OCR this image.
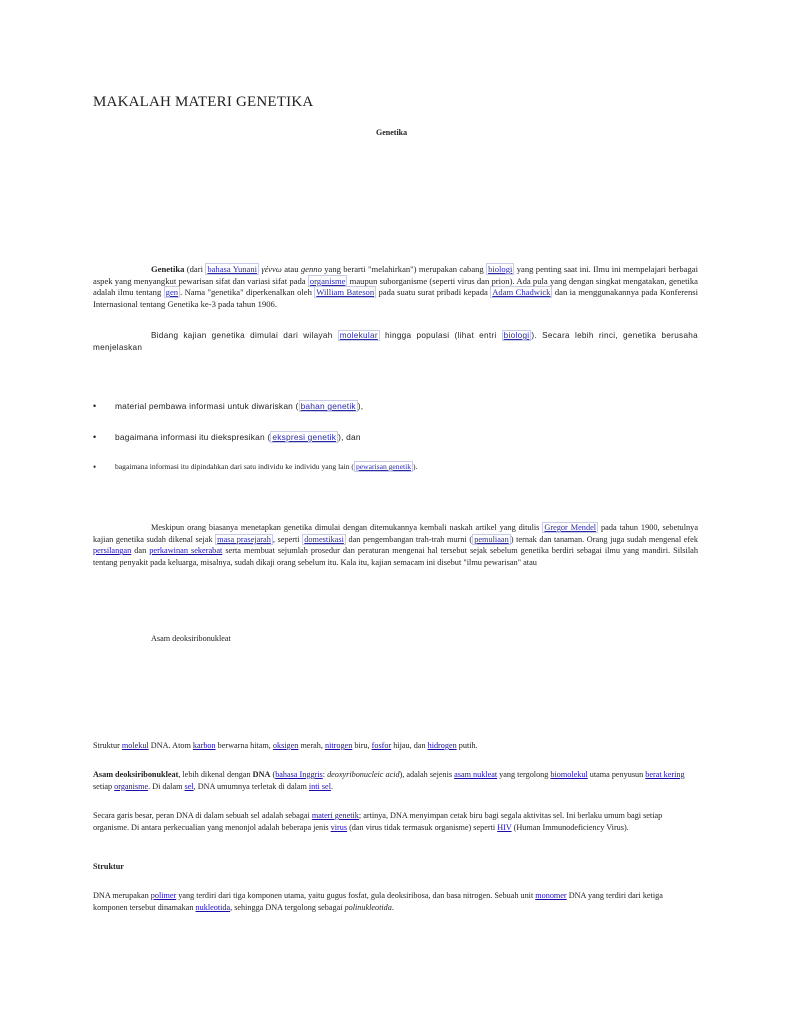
MAKALAH MATERI GENETIKA
Genetika
Genetika (dari bahasa Yunani γέννω atau genno yang berarti "melahirkan") merupakan cabang biologi yang penting saat ini. Ilmu ini mempelajari berbagai aspek yang menyangkut pewarisan sifat dan variasi sifat pada organisme maupun suborganisme (seperti virus dan prion). Ada pula yang dengan singkat mengatakan, genetika adalah ilmu tentang gen . Nama "genetika" diperkenalkan oleh William Bateson pada suatu surat pribadi kepada Adam Chadwick dan ia menggunakannya pada Konferensi Internasional tentang Genetika ke-3 pada tahun 1906.
Bidang kajian genetika dimulai dari wilayah molekular hingga populasi (lihat entri biologi ). Secara lebih rinci, genetika berusaha menjelaskan
• material pembawa informasi untuk diwariskan ( bahan genetik ),
• bagaimana informasi itu diekspresikan ( ekspresi genetik ), dan
• bagaimana informasi itu dipindahkan dari satu individu ke individu yang lain ( pewarisan genetik ).
Meskipun orang biasanya menetapkan genetika dimulai dengan ditemukannya kembali naskah artikel yang ditulis Gregor Mendel pada tahun 1900, sebetulnya kajian genetika sudah dikenal sejak masa prasejarah , seperti domestikasi dan pengembangan trah-trah murni ( pemuliaan ) ternak dan tanaman. Orang juga sudah mengenal efek persilangan dan perkawinan sekerabat serta membuat sejumlah prosedur dan peraturan mengenai hal tersebut sejak sebelum genetika berdiri sebagai ilmu yang mandiri. Silsilah tentang penyakit pada keluarga, misalnya, sudah dikaji orang sebelum itu. Kala itu, kajian semacam ini disebut "ilmu pewarisan" atau
Asam deoksiribonukleat
Struktur molekul DNA. Atom karbon berwarna hitam, oksigen merah, nitrogen biru, fosfor hijau, dan hidrogen putih.
Asam deoksiribonukleat, lebih dikenal dengan DNA (bahasa Inggris: deoxyribonucleic acid), adalah sejenis asam nukleat yang tergolong biomolekul utama penyusun berat kering setiap organisme. Di dalam sel, DNA umumnya terletak di dalam inti sel.
Secara garis besar, peran DNA di dalam sebuah sel adalah sebagai materi genetik; artinya, DNA menyimpan cetak biru bagi segala aktivitas sel. Ini berlaku umum bagi setiap organisme. Di antara perkecualian yang menonjol adalah beberapa jenis virus (dan virus tidak termasuk organisme) seperti HIV (Human Immunodeficiency Virus).
Struktur
DNA merupakan polimer yang terdiri dari tiga komponen utama, yaitu gugus fosfat, gula deoksiribosa, dan basa nitrogen. Sebuah unit monomer DNA yang terdiri dari ketiga komponen tersebut dinamakan nukleotida, sehingga DNA tergolong sebagai polinukleotida.
